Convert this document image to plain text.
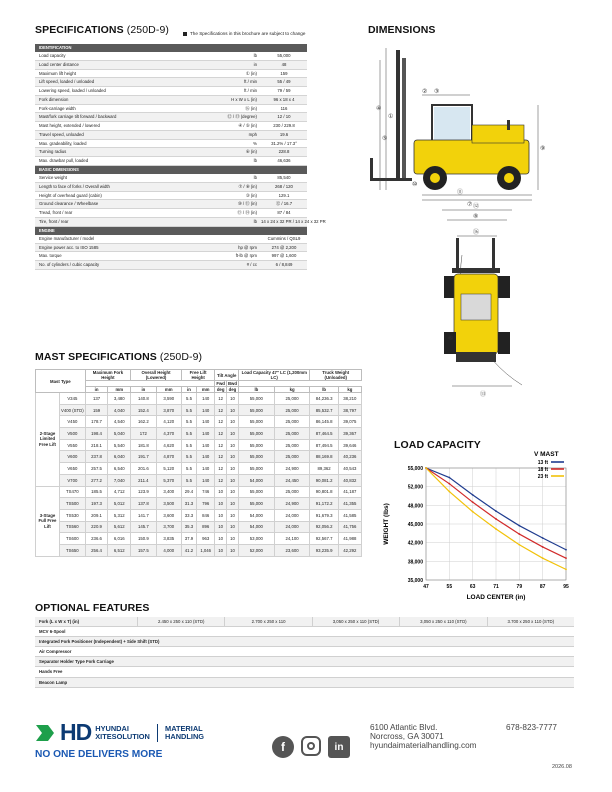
SPECIFICATIONS (250D-9)	The Specifications in this brochure are subject to change
IDENTIFICATION
Load capacity	lb	55,000
Load center distance	in	48
Maximum lift height	① (in)	159
Lift speed, loaded / unloaded	ft / min	55 / 49
Lowering speed, loaded / unloaded	ft / min	79 / 59
Fork dimension	H x W x L (in)	96 x 18 x 4
Fork-carriage width	⑯ (in)	116
Mast/fork carriage tilt forward / backward	⑫ / ⑬ (degree)	12 / 10
Mast height, extended / lowered	④ / ⑤ (in)	230 / 229.8
Travel speed, unloaded	mph	19.6
Max. gradeability, loaded	%	31.2% / 17.3°
Turning radius	⑥ (in)	228.8
Max. drawbar pull, loaded	lb	46,636
BASIC DIMENSIONS
Service weight	lb	85,540
Length to face of forks / Overall width	⑦ / ⑧ (in)	268 / 120
Height of overhead guard (cabin)	③ (in)	129.1
Ground clearance / Wheelbase	⑩ / ⑪ (in)	⑫ / 16.7
Tread, front / rear	⑮ / ⑭ (in)	87 / 84
Tire, front / rear	lb 14 x 24 x 32 PR / 14 x 24 x 32 PR
ENGINE
Engine manufacturer / model	Cummins / QSL9
Engine power acc. to ISO 1585	hp @ rpm	274 @ 2,200
Max. torque	ft-lb @ rpm	997 @ 1,600
No. of cylinders / cubic capacity	# / cc	6 / 8,849
DIMENSIONS
①
④
⑤
② ③
⑦
⑪
⑩
⑨
⑫
⑧
⑯
⑬
⑥
MAST SPECIFICATIONS (250D-9)
Mast Type		Maximum Fork Height		Overall Height (Lowered)		Free Lift Height		Tilt Angle		Load Capacity 47" LC (1,200mm LC)		Truck Weight (Unloaded)	
								Fwd	Bwd				
		in	mm	in	mm	in	mm	deg	deg	lb	kg	lb	kg
2-Stage Limited Free Lift	V345	137	3,480	140.8	3,590	5.5	140	12	10	55,000	25,000	84,236.3	38,210
	V400 (STD)	159	4,040	152.4	3,870	5.5	140	12	10	55,000	25,000	85,532.7	38,797
	V450	178.7	4,540	162.2	4,120	5.5	140	12	10	55,000	25,000	86,145.8	39,075
	V500	198.4	5,040	172	4,370	5.5	140	12	10	55,000	25,000	87,464.5	39,367
	V550	218.1	5,540	181.8	4,620	5.5	140	12	10	55,000	25,000	87,494.5	39,646
	V600	237.8	6,040	191.7	4,870	5.5	140	12	10	55,000	25,000	88,169.8	40,236
	V650	257.5	6,540	201.6	5,120	5.5	140	12	10	55,000	24,900	89,362	40,543
	V700	277.2	7,040	211.4	5,370	5.5	140	12	10	54,000	24,450	90,081.2	40,832
3-Stage Full Free Lift	TS470	185.5	4,712	123.9	3,400	29.4	746	10	10	55,000	25,000	90,801.8	41,187
	TS500	197.3	5,012	137.8	3,500	31.3	796	10	10	55,000	24,900	91,172.2	41,355
	TS530	209.1	5,312	141.7	3,600	33.3	846	10	10	54,000	24,000	91,679.3	41,585
	TS560	220.9	5,612	145.7	3,700	35.3	896	10	10	54,000	24,000	92,056.2	41,756
	TS600	236.6	6,016	150.9	3,835	37.9	963	10	10	53,000	24,100	92,567.7	41,988
	TS650	256.4	6,512	157.5	4,000	41.2	1,046	10	10	52,000	23,600	93,235.9	42,292
LOAD CAPACITY
55,000
52,000
48,000
45,000
42,000
38,000
35,000
47	55	63	71	79	87	95
13 ft
18 ft
23 ft
V MAST
LOAD CENTER (in)
WEIGHT (lbs)
OPTIONAL FEATURES
Fork (L x W x T) (in)	2.450 x 250 x 110 (STD)	2.700 x 250 x 110	3,050 x 250 x 110 (STD)	3,050 x 250 x 110 (STD)	3.700 x 250 x 110 (STD)
MCV 6-Spool
Integrated Fork Positioner (Independent) + Side Shift (STD)
Air Compressor
Separator Holder Type Fork Carriage
Hands Free
Beacon Lamp
HD HYUNDAI
XITESOLUTION
MATERIAL
HANDLING
NO ONE DELIVERS MORE
f	in
6100 Atlantic Blvd.
Norcross, GA 30071
hyundaimaterialhandling.com
678-823-7777
2026.08
